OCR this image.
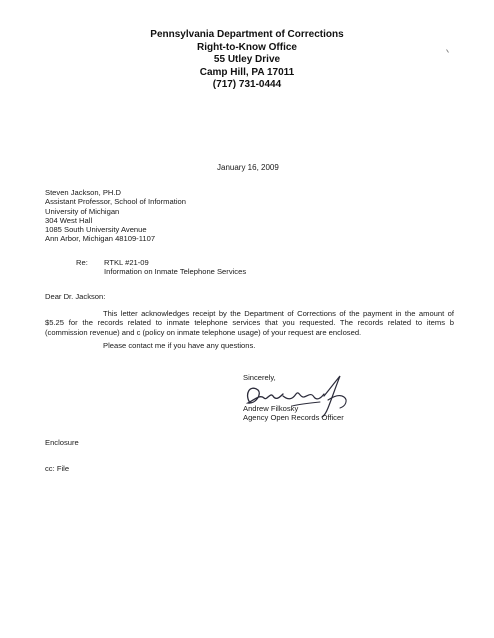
Pennsylvania Department of Corrections
Right-to-Know Office
55 Utley Drive
Camp Hill, PA 17011
(717) 731-0444
January 16, 2009
Steven Jackson, PH.D
Assistant Professor, School of Information
University of Michigan
304 West Hall
1085 South University Avenue
Ann Arbor, Michigan 48109-1107
Re: RTKL #21-09
Information on Inmate Telephone Services
Dear Dr. Jackson:
This letter acknowledges receipt by the Department of Corrections of the payment in the amount of
$5.25 for the records related to inmate telephone services that you requested. The records related to items b
(commission revenue) and c (policy on inmate telephone usage) of your request are enclosed.
Please contact me if you have any questions.
Sincerely,
Andrew Filkosky
Agency Open Records Officer
Enclosure
cc: File
